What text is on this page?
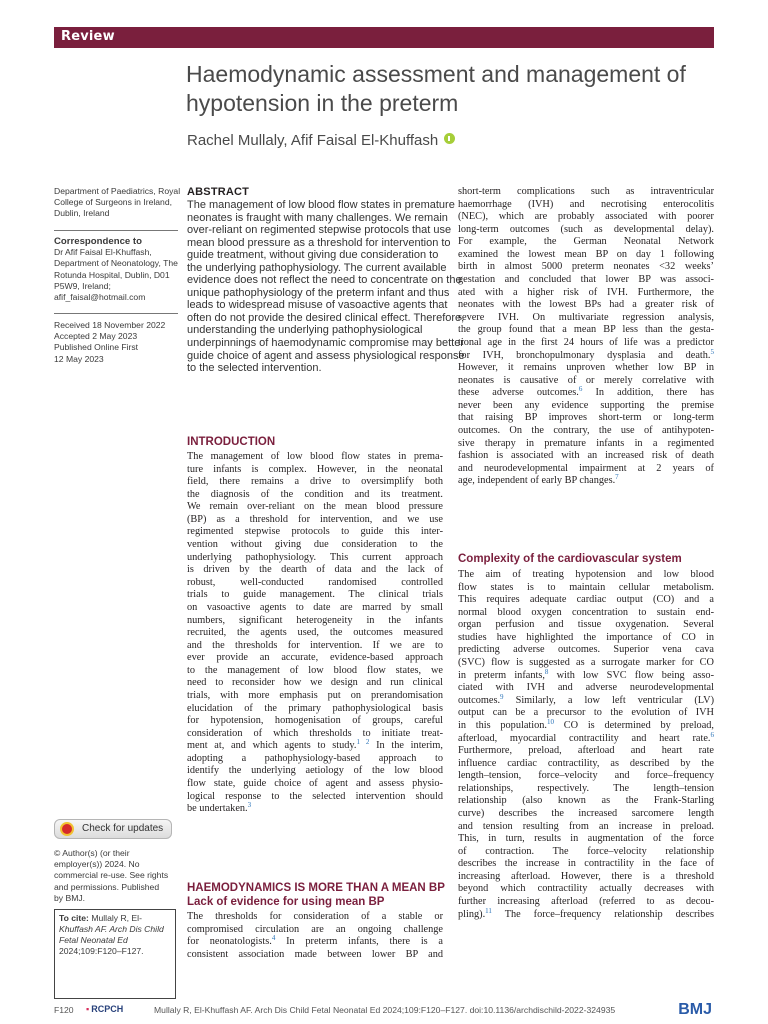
Review
Haemodynamic assessment and management of
hypotension in the preterm
Rachel Mullaly, Afif Faisal El-Khuffash
Department of Paediatrics, Royal
College of Surgeons in Ireland,
Dublin, Ireland
Correspondence to
Dr Afif Faisal El-Khuffash,
Department of Neonatology, The
Rotunda Hospital, Dublin, D01
P5W9, Ireland;
afif_faisal@hotmail.com
Received 18 November 2022
Accepted 2 May 2023
Published Online First
12 May 2023
Check for updates
© Author(s) (or their
employer(s)) 2024. No
commercial re-use. See rights
and permissions. Published
by BMJ.
To cite: Mullaly R, El-
Khuffash AF. Arch Dis Child
Fetal Neonatal Ed
2024;109:F120–F127.
ABSTRACT
The management of low blood flow states in premature
neonates is fraught with many challenges. We remain
over-reliant on regimented stepwise protocols that use
mean blood pressure as a threshold for intervention to
guide treatment, without giving due consideration to
the underlying pathophysiology. The current available
evidence does not reflect the need to concentrate on the
unique pathophysiology of the preterm infant and thus
leads to widespread misuse of vasoactive agents that
often do not provide the desired clinical effect. Therefore,
understanding the underlying pathophysiological
underpinnings of haemodynamic compromise may better
guide choice of agent and assess physiological response
to the selected intervention.
INTRODUCTION
The management of low blood flow states in prema-
ture infants is complex. However, in the neonatal
field, there remains a drive to oversimplify both
the diagnosis of the condition and its treatment.
We remain over-reliant on the mean blood pressure
(BP) as a threshold for intervention, and we use
regimented stepwise protocols to guide this inter-
vention without giving due consideration to the
underlying pathophysiology. This current approach
is driven by the dearth of data and the lack of
robust, well-conducted randomised controlled
trials to guide management. The clinical trials
on vasoactive agents to date are marred by small
numbers, significant heterogeneity in the infants
recruited, the agents used, the outcomes measured
and the thresholds for intervention. If we are to
ever provide an accurate, evidence-based approach
to the management of low blood flow states, we
need to reconsider how we design and run clinical
trials, with more emphasis put on prerandomisation
elucidation of the primary pathophysiological basis
for hypotension, homogenisation of groups, careful
consideration of which thresholds to initiate treat-
ment at, and which agents to study.$^{1 2}$ In the interim,
adopting a pathophysiology-based approach to
identify the underlying aetiology of the low blood
flow state, guide choice of agent and assess physio-
logical response to the selected intervention should
be undertaken.$^3$
HAEMODYNAMICS IS MORE THAN A MEAN BP
Lack of evidence for using mean BP
The thresholds for consideration of a stable or
compromised circulation are an ongoing challenge
for neonatologists.$^4$ In preterm infants, there is a
consistent association made between lower BP and
short-term complications such as intraventricular
haemorrhage (IVH) and necrotising enterocolitis
(NEC), which are probably associated with poorer
long-term outcomes (such as developmental delay).
For example, the German Neonatal Network
examined the lowest mean BP on day 1 following
birth in almost 5000 preterm neonates <32 weeks’
gestation and concluded that lower BP was associ-
ated with a higher risk of IVH. Furthermore, the
neonates with the lowest BPs had a greater risk of
severe IVH. On multivariate regression analysis,
the group found that a mean BP less than the gesta-
tional age in the first 24 hours of life was a predictor
for IVH, bronchopulmonary dysplasia and death.$^5$
However, it remains unproven whether low BP in
neonates is causative of or merely correlative with
these adverse outcomes.$^6$ In addition, there has
never been any evidence supporting the premise
that raising BP improves short-term or long-term
outcomes. On the contrary, the use of antihypoten-
sive therapy in premature infants in a regimented
fashion is associated with an increased risk of death
and neurodevelopmental impairment at 2 years of
age, independent of early BP changes.$^7$
Complexity of the cardiovascular system
The aim of treating hypotension and low blood
flow states is to maintain cellular metabolism.
This requires adequate cardiac output (CO) and a
normal blood oxygen concentration to sustain end-
organ perfusion and tissue oxygenation. Several
studies have highlighted the importance of CO in
predicting adverse outcomes. Superior vena cava
(SVC) flow is suggested as a surrogate marker for CO
in preterm infants,$^8$ with low SVC flow being asso-
ciated with IVH and adverse neurodevelopmental
outcomes.$^9$ Similarly, a low left ventricular (LV)
output can be a precursor to the evolution of IVH
in this population.$^{10}$ CO is determined by preload,
afterload, myocardial contractility and heart rate.$^6$
Furthermore, preload, afterload and heart rate
influence cardiac contractility, as described by the
length–tension, force–velocity and force–frequency
relationships, respectively. The length–tension
relationship (also known as the Frank-Starling
curve) describes the increased sarcomere length
and tension resulting from an increase in preload.
This, in turn, results in augmentation of the force
of contraction. The force–velocity relationship
describes the increase in contractility in the face of
increasing afterload. However, there is a threshold
beyond which contractility actually decreases with
further increasing afterload (referred to as decou-
pling).$^{11}$ The force–frequency relationship describes
F120
▪	RCPCH	Mullaly R, El-Khuffash AF. Arch Dis Child Fetal Neonatal Ed 2024;109:F120–F127. doi:10.1136/archdischild-2022-324935	BMJ
